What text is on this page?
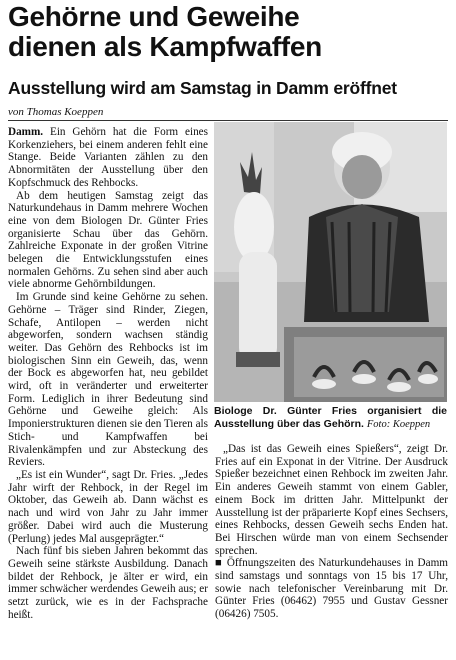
Gehörne und Geweihe
dienen als Kampfwaffen
Ausstellung wird am Samstag in Damm eröffnet
von Thomas Koeppen

Damm. Ein Gehörn hat die Form eines Korkenziehers, bei einem anderen fehlt eine Stange. Beide Varianten zählen zu den Abnormitäten der Ausstellung über den Kopfschmuck des Rehbocks.

Ab dem heutigen Samstag zeigt das Naturkundehaus in Damm mehrere Wochen eine von dem Biologen Dr. Günter Fries organisierte Schau über das Gehörn. Zahlreiche Exponate in der großen Vitrine belegen die Entwicklungsstufen eines normalen Gehörns. Zu sehen sind aber auch viele abnorme Gehörnbildungen.

Im Grunde sind keine Gehörne zu sehen. Gehörne – Träger sind Rinder, Ziegen, Schafe, Antilopen – werden nicht abgeworfen, sondern wachsen ständig weiter. Das Gehörn des Rehbocks ist im biologischen Sinn ein Geweih, das, wenn der Bock es abgeworfen hat, neu gebildet wird, oft in veränderter und erweiterter Form. Lediglich in ihrer Bedeutung sind Gehörne und Geweihe gleich: Als Imponierstrukturen dienen sie den Tieren als Stich- und Kampfwaffen bei Rivalenkämpfen und zur Absteckung des Reviers.

„Es ist ein Wunder“, sagt Dr. Fries. „Jedes Jahr wirft der Rehbock, in der Regel im Oktober, das Geweih ab. Dann wächst es nach und wird von Jahr zu Jahr immer größer. Dabei wird auch die Musterung (Perlung) jedes Mal ausgeprägter.“

Nach fünf bis sieben Jahren bekommt das Geweih seine stärkste Ausbildung. Danach bildet der Rehbock, je älter er wird, ein immer schwächer werdendes Geweih aus; er setzt zurück, wie es in der Fachsprache heißt.

Biologe Dr. Günter Fries organisiert die Ausstellung über das Gehörn. Foto: Koeppen

„Das ist das Geweih eines Spießers“, zeigt Dr. Fries auf ein Exponat in der Vitrine. Der Ausdruck Spießer bezeichnet einen Rehbock im zweiten Jahr. Ein anderes Geweih stammt von einem Gabler, einem Bock im dritten Jahr. Mittelpunkt der Ausstellung ist der präparierte Kopf eines Sechsers, eines Rehbocks, dessen Geweih sechs Enden hat. Bei Hirschen würde man von einem Sechsender sprechen.

■ Öffnungszeiten des Naturkundehauses in Damm sind samstags und sonntags von 15 bis 17 Uhr, sowie nach telefonischer Vereinbarung mit Dr. Günter Fries (06462) 7955 und Gustav Gessner (06426) 7505.
